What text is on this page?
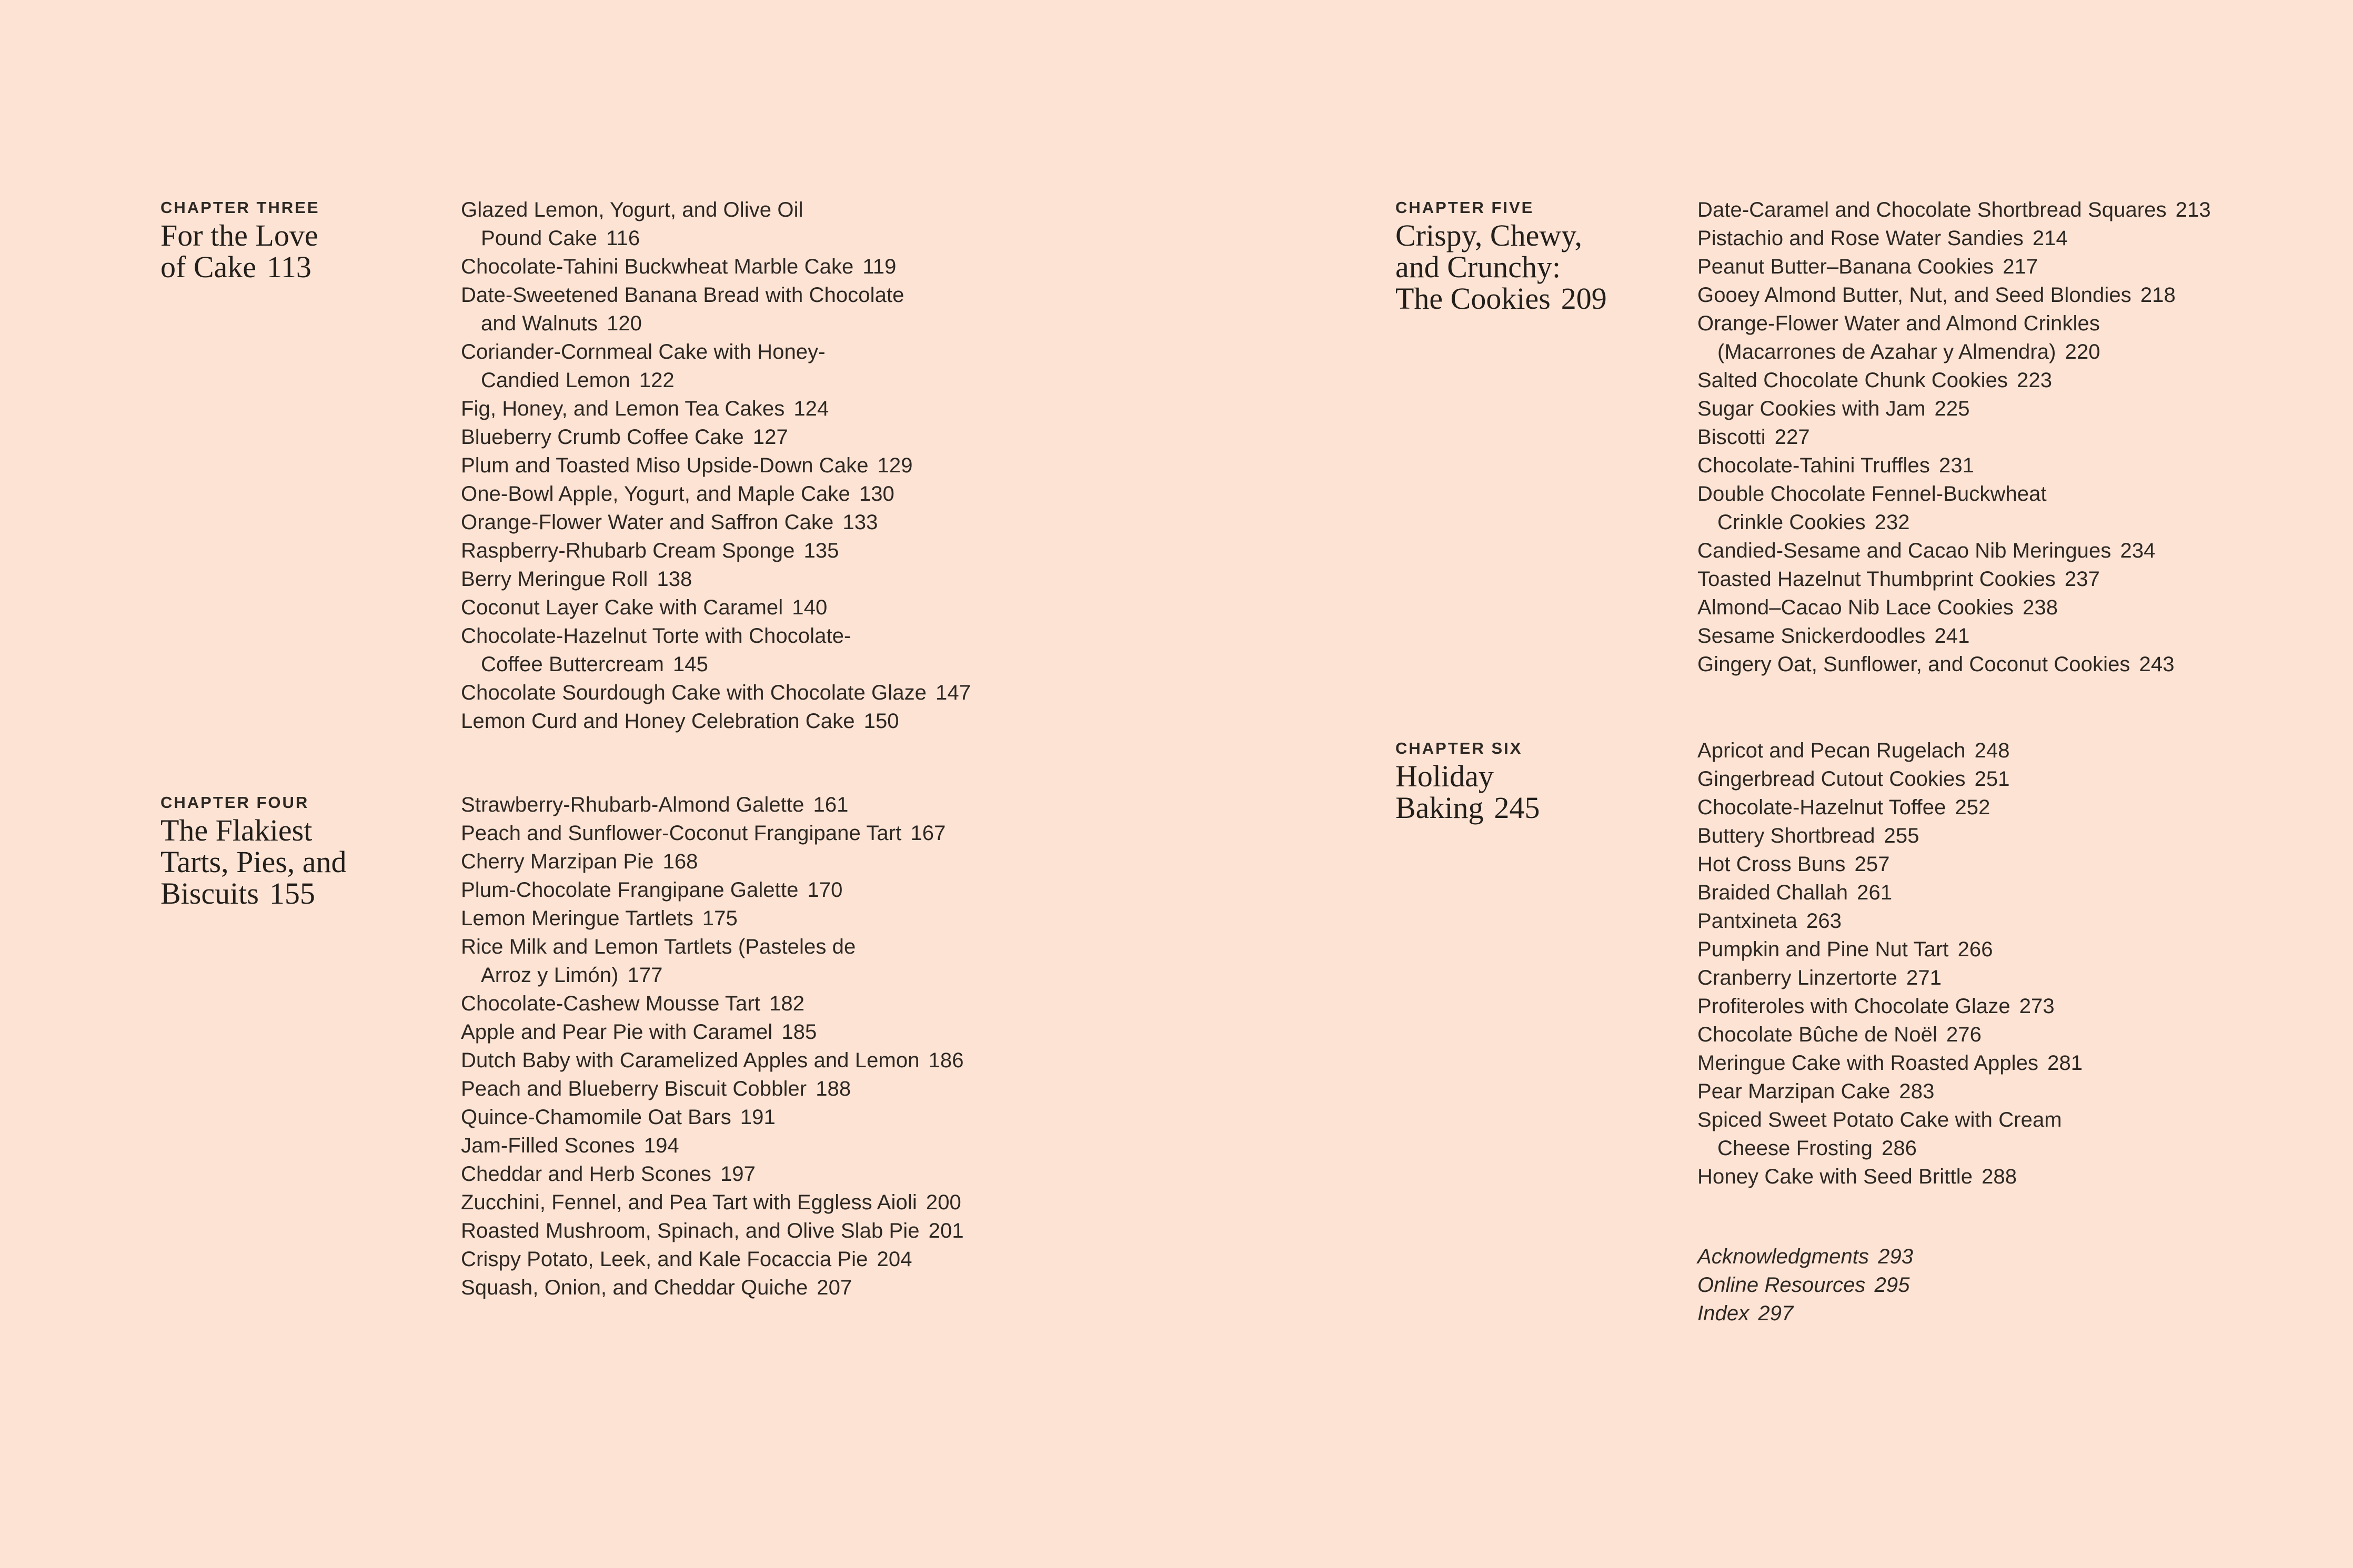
CHAPTER THREE
For the Love
of Cake 113
Glazed Lemon, Yogurt, and Olive Oil
Pound Cake 116
Chocolate-Tahini Buckwheat Marble Cake 119
Date-Sweetened Banana Bread with Chocolate
and Walnuts 120
Coriander-Cornmeal Cake with Honey-
Candied Lemon 122
Fig, Honey, and Lemon Tea Cakes 124
Blueberry Crumb Coffee Cake 127
Plum and Toasted Miso Upside-Down Cake 129
One-Bowl Apple, Yogurt, and Maple Cake 130
Orange-Flower Water and Saffron Cake 133
Raspberry-Rhubarb Cream Sponge 135
Berry Meringue Roll 138
Coconut Layer Cake with Caramel 140
Chocolate-Hazelnut Torte with Chocolate-
Coffee Buttercream 145
Chocolate Sourdough Cake with Chocolate Glaze 147
Lemon Curd and Honey Celebration Cake 150
CHAPTER FOUR
The Flakiest
Tarts, Pies, and
Biscuits 155
Strawberry-Rhubarb-Almond Galette 161
Peach and Sunflower-Coconut Frangipane Tart 167
Cherry Marzipan Pie 168
Plum-Chocolate Frangipane Galette 170
Lemon Meringue Tartlets 175
Rice Milk and Lemon Tartlets (Pasteles de
Arroz y Limón) 177
Chocolate-Cashew Mousse Tart 182
Apple and Pear Pie with Caramel 185
Dutch Baby with Caramelized Apples and Lemon 186
Peach and Blueberry Biscuit Cobbler 188
Quince-Chamomile Oat Bars 191
Jam-Filled Scones 194
Cheddar and Herb Scones 197
Zucchini, Fennel, and Pea Tart with Eggless Aioli 200
Roasted Mushroom, Spinach, and Olive Slab Pie 201
Crispy Potato, Leek, and Kale Focaccia Pie 204
Squash, Onion, and Cheddar Quiche 207
CHAPTER FIVE
Crispy, Chewy,
and Crunchy:
The Cookies 209
Date-Caramel and Chocolate Shortbread Squares 213
Pistachio and Rose Water Sandies 214
Peanut Butter–Banana Cookies 217
Gooey Almond Butter, Nut, and Seed Blondies 218
Orange-Flower Water and Almond Crinkles
(Macarrones de Azahar y Almendra) 220
Salted Chocolate Chunk Cookies 223
Sugar Cookies with Jam 225
Biscotti 227
Chocolate-Tahini Truffles 231
Double Chocolate Fennel-Buckwheat
Crinkle Cookies 232
Candied-Sesame and Cacao Nib Meringues 234
Toasted Hazelnut Thumbprint Cookies 237
Almond–Cacao Nib Lace Cookies 238
Sesame Snickerdoodles 241
Gingery Oat, Sunflower, and Coconut Cookies 243
CHAPTER SIX
Holiday
Baking 245
Apricot and Pecan Rugelach 248
Gingerbread Cutout Cookies 251
Chocolate-Hazelnut Toffee 252
Buttery Shortbread 255
Hot Cross Buns 257
Braided Challah 261
Pantxineta 263
Pumpkin and Pine Nut Tart 266
Cranberry Linzertorte 271
Profiteroles with Chocolate Glaze 273
Chocolate Bûche de Noël 276
Meringue Cake with Roasted Apples 281
Pear Marzipan Cake 283
Spiced Sweet Potato Cake with Cream
Cheese Frosting 286
Honey Cake with Seed Brittle 288
Acknowledgments 293
Online Resources 295
Index 297
